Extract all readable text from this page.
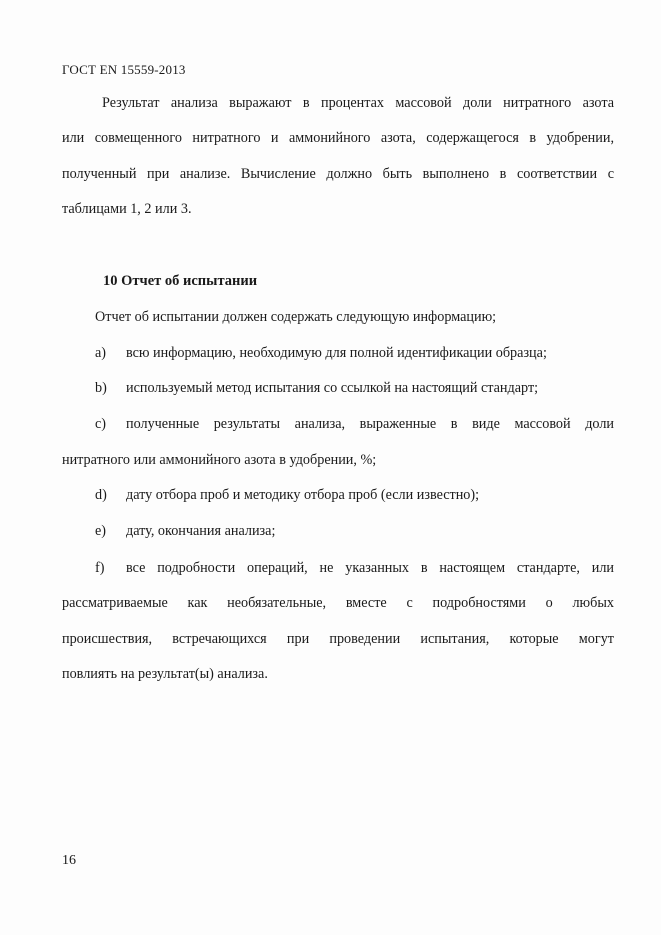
ГОСТ EN 15559-2013
Результат анализа выражают в процентах массовой доли нитратного азота
или совмещенного нитратного и аммонийного азота, содержащегося в удобрении,
полученный при анализе. Вычисление должно быть выполнено в соответствии с
таблицами 1, 2 или 3.
10 Отчет об испытании
Отчет об испытании должен содержать следующую информацию;
a) всю информацию, необходимую для полной идентификации образца;
b) используемый метод испытания со ссылкой на настоящий стандарт;
c)	полученные результаты анализа, выраженные в виде массовой доли
нитратного или аммонийного азота в удобрении, %;
d) дату отбора проб и методику отбора проб (если известно);
e) дату, окончания анализа;
f)	все подробности операций, не указанных в настоящем стандарте, или
рассматриваемые как необязательные, вместе с подробностями о любых
происшествия, встречающихся при проведении испытания, которые могут
повлиять на результат(ы) анализа.
16
